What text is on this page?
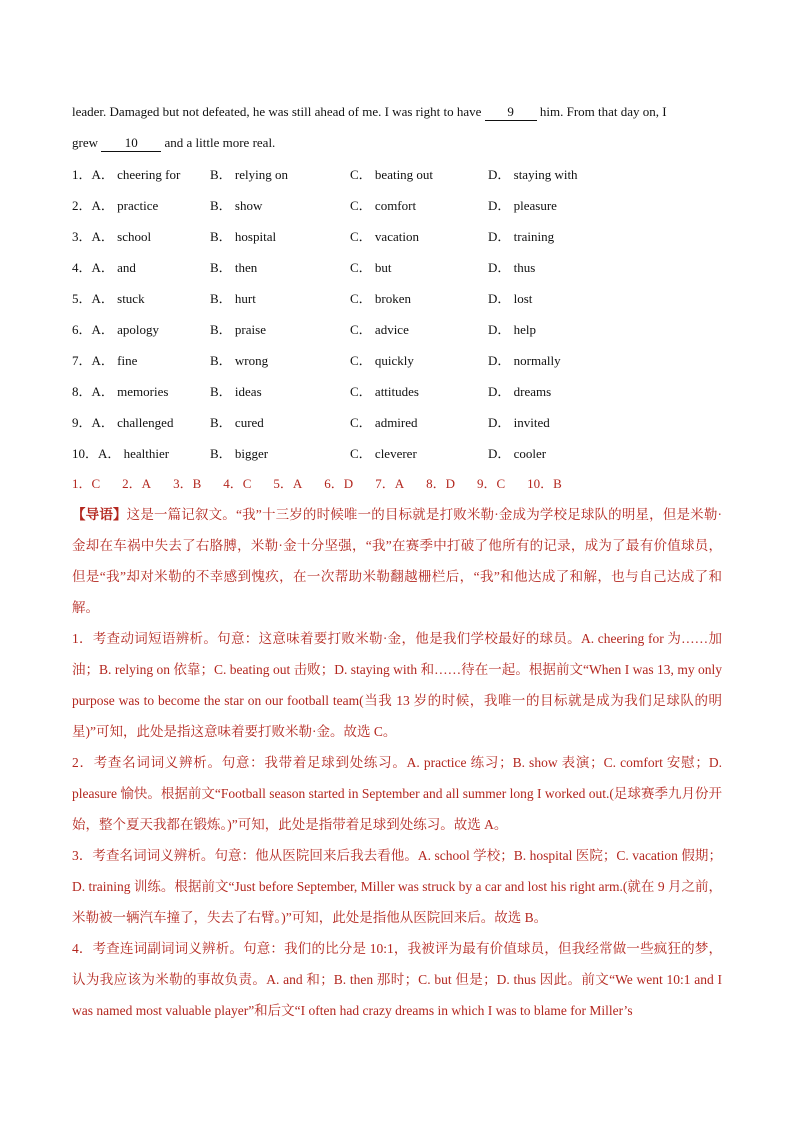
leader. Damaged but not defeated, he was still ahead of me. I was right to have 9 him. From that day on, I
grew 10 and a little more real.
1．A． cheering for	B． relying on	C． beating out	D． staying with
2．A． practice	B． show	C． comfort	D． pleasure
3．A． school	B． hospital	C． vacation	D． training
4．A． and	B． then	C． but	D． thus
5．A． stuck	B． hurt	C． broken	D． lost
6．A． apology	B． praise	C． advice	D． help
7．A． fine	B． wrong	C． quickly	D． normally
8．A． memories	B． ideas	C． attitudes	D． dreams
9．A． challenged	B． cured	C． admired	D． invited
10．A． healthier	B． bigger	C． cleverer	D． cooler
1．C 2．A 3．B 4．C 5．A 6．D 7．A 8．D 9．C 10．B

【导语】这是一篇记叙文。“我”十三岁的时候唯一的目标就是打败米勒·金成为学校足球队的明星，但是米勒·金却在车祸中失去了右胳膊，米勒·金十分坚强，“我”在赛季中打破了他所有的记录，成为了最有价值球员，但是“我”却对米勒的不幸感到愧疚，在一次帮助米勒翻越栅栏后，“我”和他达成了和解，也与自己达成了和解。

1．考查动词短语辨析。句意：这意味着要打败米勒·金，他是我们学校最好的球员。A. cheering for 为……加油；B. relying on 依靠；C. beating out 击败；D. staying with 和……待在一起。根据前文“When I was 13, my only purpose was to become the star on our football team(当我 13 岁的时候，我唯一的目标就是成为我们足球队的明星)”可知，此处是指这意味着要打败米勒·金。故选 C。

2．考查名词词义辨析。句意：我带着足球到处练习。A. practice 练习；B. show 表演；C. comfort 安慰；D. pleasure 愉快。根据前文“Football season started in September and all summer long I worked out.(足球赛季九月份开始，整个夏天我都在锻炼。)”可知，此处是指带着足球到处练习。故选 A。

3．考查名词词义辨析。句意：他从医院回来后我去看他。A. school 学校；B. hospital 医院；C. vacation 假期；D. training 训练。根据前文“Just before September, Miller was struck by a car and lost his right arm.(就在 9 月之前，米勒被一辆汽车撞了，失去了右臂。)”可知，此处是指他从医院回来后。故选 B。

4．考查连词副词词义辨析。句意：我们的比分是 10:1，我被评为最有价值球员，但我经常做一些疯狂的梦，认为我应该为米勒的事故负责。A. and 和；B. then 那时；C. but 但是；D. thus 因此。前文“We went 10:1 and I was named most valuable player”和后文“I often had crazy dreams in which I was to blame for Miller’s
